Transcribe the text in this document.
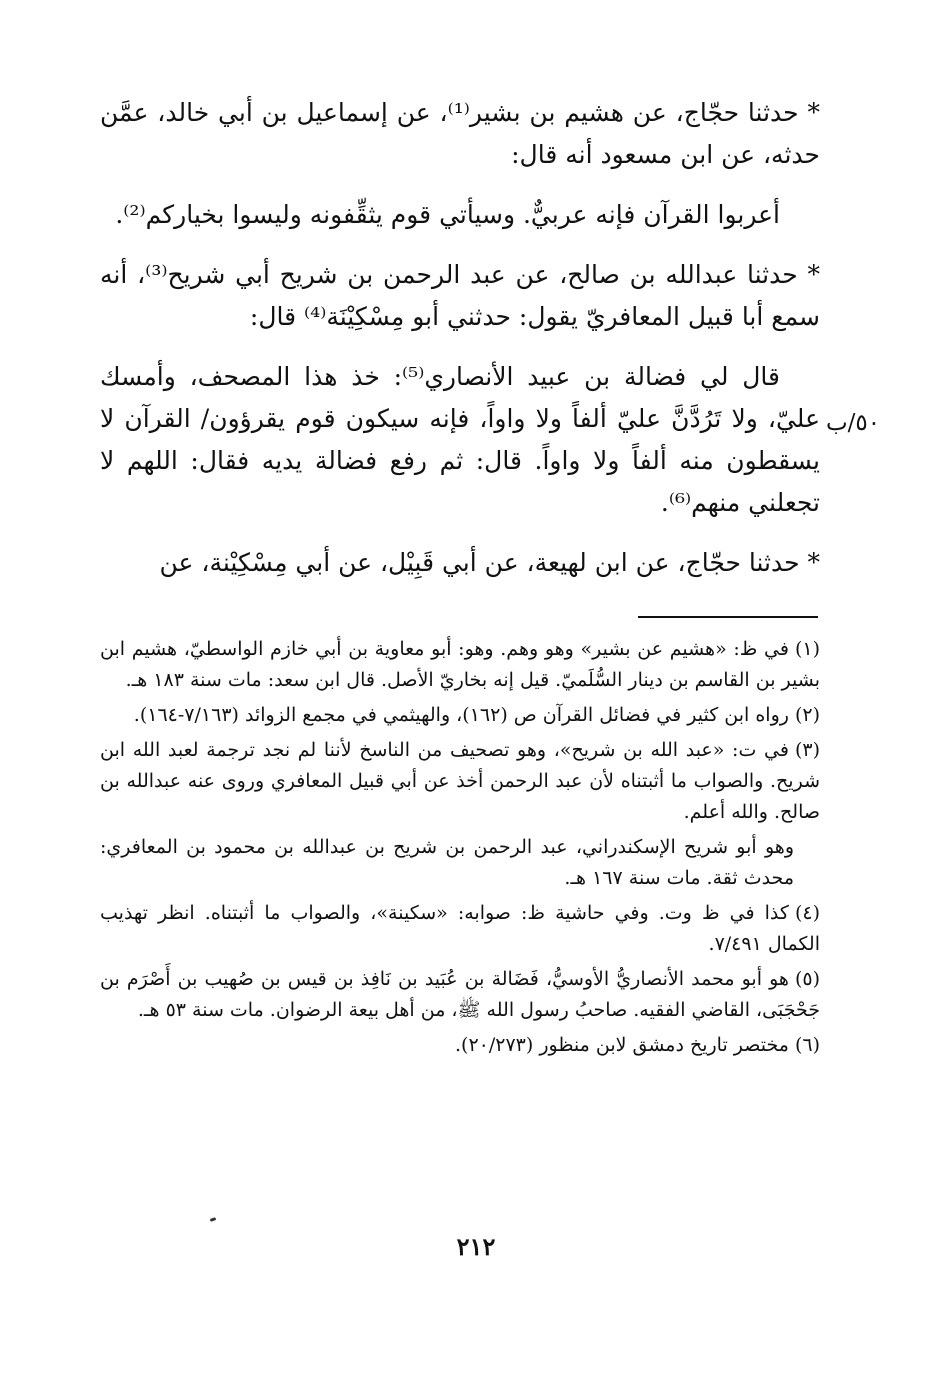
* حدثنا حجّاج، عن هشيم بن بشير⁽¹⁾، عن إسماعيل بن أبي خالد، عمَّن حدثه، عن ابن مسعود أنه قال:

أعربوا القرآن فإنه عربيٌّ. وسيأتي قوم يثقِّفونه وليسوا بخياركم⁽²⁾.

* حدثنا عبدالله بن صالح، عن عبد الرحمن بن شريح أبي شريح⁽³⁾، أنه سمع أبا قبيل المعافريّ يقول: حدثني أبو مِسْكِيْنَة⁽⁴⁾ قال:

قال لي فضالة بن عبيد الأنصاري⁽⁵⁾: خذ هذا المصحف، وأمسك عليّ، ولا تَرُدَّنَّ عليّ ألفاً ولا واواً، فإنه سيكون قوم يقرؤون/ القرآن لا يسقطون منه ألفاً ولا واواً. قال: ثم رفع فضالة يديه فقال: اللهم لا تجعلني منهم⁽⁶⁾.

* حدثنا حجّاج، عن ابن لهيعة، عن أبي قَبِيْل، عن أبي مِسْكِيْنة، عن

٥٠/ب

(١)في ظ: «هشيم عن بشير» وهو وهم. وهو: أبو معاوية بن أبي خازم الواسطيّ، هشيم ابن بشير بن القاسم بن دينار السُّلَميّ. قيل إنه بخاريّ الأصل. قال ابن سعد: مات سنة ١٨٣ هـ.

(٢)رواه ابن كثير في فضائل القرآن ص (١٦٢)، والهيثمي في مجمع الزوائد (٧/١٦٣-١٦٤).

(٣)في ت: «عبد الله بن شريح»، وهو تصحيف من الناسخ لأننا لم نجد ترجمة لعبد الله ابن شريح. والصواب ما أثبتناه لأن عبد الرحمن أخذ عن أبي قبيل المعافري وروى عنه عبدالله بن صالح. والله أعلم.

وهو أبو شريح الإسكندراني، عبد الرحمن بن شريح بن عبدالله بن محمود بن المعافري: محدث ثقة. مات سنة ١٦٧ هـ.

(٤)كذا في ظ وت. وفي حاشية ظ: صوابه: «سكينة»، والصواب ما أثبتناه. انظر تهذيب الكمال ٧/٤٩١.

(٥)هو أبو محمد الأنصاريُّ الأوسيُّ، فَضَالة بن عُبَيد بن نَافِذ بن قيس بن صُهيب بن أَصْرَم بن جَحْجَبَى، القاضي الفقيه. صاحبُ رسول الله ﷺ، من أهل بيعة الرضوان. مات سنة ٥٣ هـ.

(٦)مختصر تاريخ دمشق لابن منظور (٢٠/٢٧٣).

٢١٢
